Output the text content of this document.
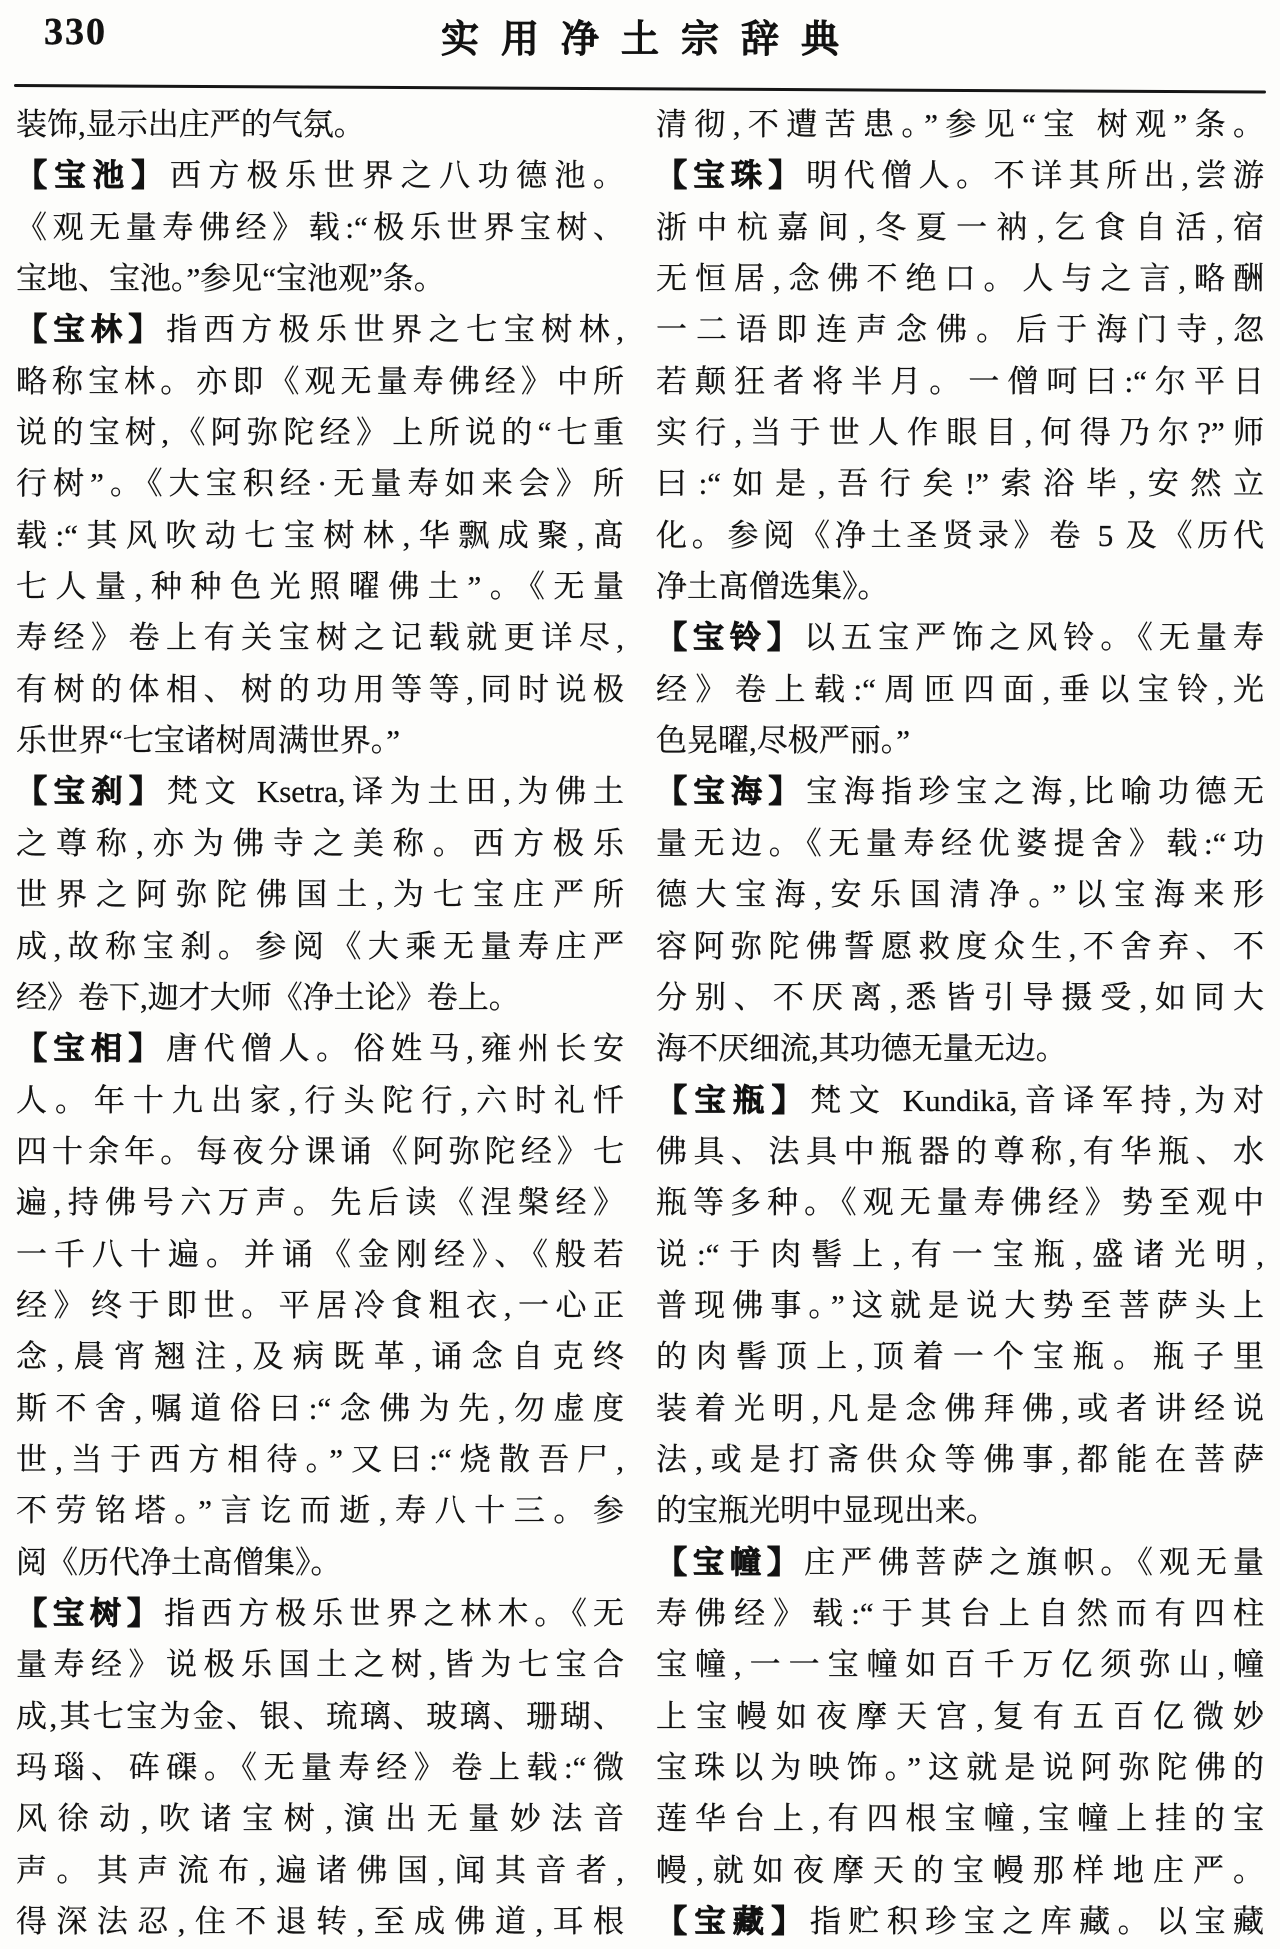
330	实用净土宗辞典
装饰,显示出庄严的气氛。
【宝池】西方极乐世界之八功德池。
《观无量寿佛经》载:“极乐世界宝树、
宝地、宝池。”参见“宝池观”条。
【宝林】指西方极乐世界之七宝树林,
略称宝林。亦即《观无量寿佛经》中所
说的宝树,《阿弥陀经》上所说的“七重
行树”。《大宝积经·无量寿如来会》所
载:“其风吹动七宝树林,华飘成聚,髙
七人量,种种色光照曜佛土”。《无量
寿经》卷上有关宝树之记载就更详尽,
有树的体相、树的功用等等,同时说极
乐世界“七宝诸树周满世界。”
【宝刹】梵文 Ksetra,译为土田,为佛土
之尊称,亦为佛寺之美称。西方极乐
世界之阿弥陀佛国土,为七宝庄严所
成,故称宝刹。参阅《大乘无量寿庄严
经》卷下,迦才大师《净土论》卷上。
【宝相】唐代僧人。俗姓马,雍州长安
人。年十九出家,行头陀行,六时礼忏
四十余年。每夜分课诵《阿弥陀经》七
遍,持佛号六万声。先后读《涅槃经》
一千八十遍。并诵《金刚经》、《般若
经》终于即世。平居冷食粗衣,一心正
念,晨宵翘注,及病既革,诵念自克终
斯不舍,嘱道俗曰:“念佛为先,勿虚度
世,当于西方相待。”又曰:“烧散吾尸,
不劳铭塔。”言讫而逝,寿八十三。参
阅《历代净土髙僧集》。
【宝树】指西方极乐世界之林木。《无
量寿经》说极乐国土之树,皆为七宝合
成,其七宝为金、银、琉璃、玻璃、珊瑚、
玛瑙、砗磲。《无量寿经》卷上载:“微
风徐动,吹诸宝树,演出无量妙法音
声。其声流布,遍诸佛国,闻其音者,
得深法忍,住不退转,至成佛道,耳根
清彻,不遭苦患。”参见“宝 树观”条。
【宝珠】明代僧人。不详其所出,尝游
浙中杭嘉间,冬夏一衲,乞食自活,宿
无恒居,念佛不绝口。人与之言,略酬
一二语即连声念佛。后于海门寺,忽
若颠狂者将半月。一僧呵曰:“尔平日
实行,当于世人作眼目,何得乃尔?”师
曰:“如是,吾行矣!”索浴毕,安然立
化。参阅《净土圣贤录》卷 5 及《历代
净土髙僧选集》。
【宝铃】以五宝严饰之风铃。《无量寿
经》卷上载:“周匝四面,垂以宝铃,光
色晃曜,尽极严丽。”
【宝海】宝海指珍宝之海,比喻功德无
量无边。《无量寿经优婆提舍》载:“功
德大宝海,安乐国清净。”以宝海来形
容阿弥陀佛誓愿救度众生,不舍弃、不
分别、不厌离,悉皆引导摄受,如同大
海不厌细流,其功德无量无边。
【宝瓶】梵文 Kundikā,音译军持,为对
佛具、法具中瓶器的尊称,有华瓶、水
瓶等多种。《观无量寿佛经》势至观中
说:“于肉髻上,有一宝瓶,盛诸光明,
普现佛事。”这就是说大势至菩萨头上
的肉髻顶上,顶着一个宝瓶。瓶子里
装着光明,凡是念佛拜佛,或者讲经说
法,或是打斋供众等佛事,都能在菩萨
的宝瓶光明中显现出来。
【宝幢】庄严佛菩萨之旗帜。《观无量
寿佛经》载:“于其台上自然而有四柱
宝幢,一一宝幢如百千万亿须弥山,幢
上宝幔如夜摩天宫,复有五百亿微妙
宝珠以为映饰。”这就是说阿弥陀佛的
莲华台上,有四根宝幢,宝幢上挂的宝
幔,就如夜摩天的宝幔那样地庄严。
【宝藏】指贮积珍宝之库藏。以宝藏
